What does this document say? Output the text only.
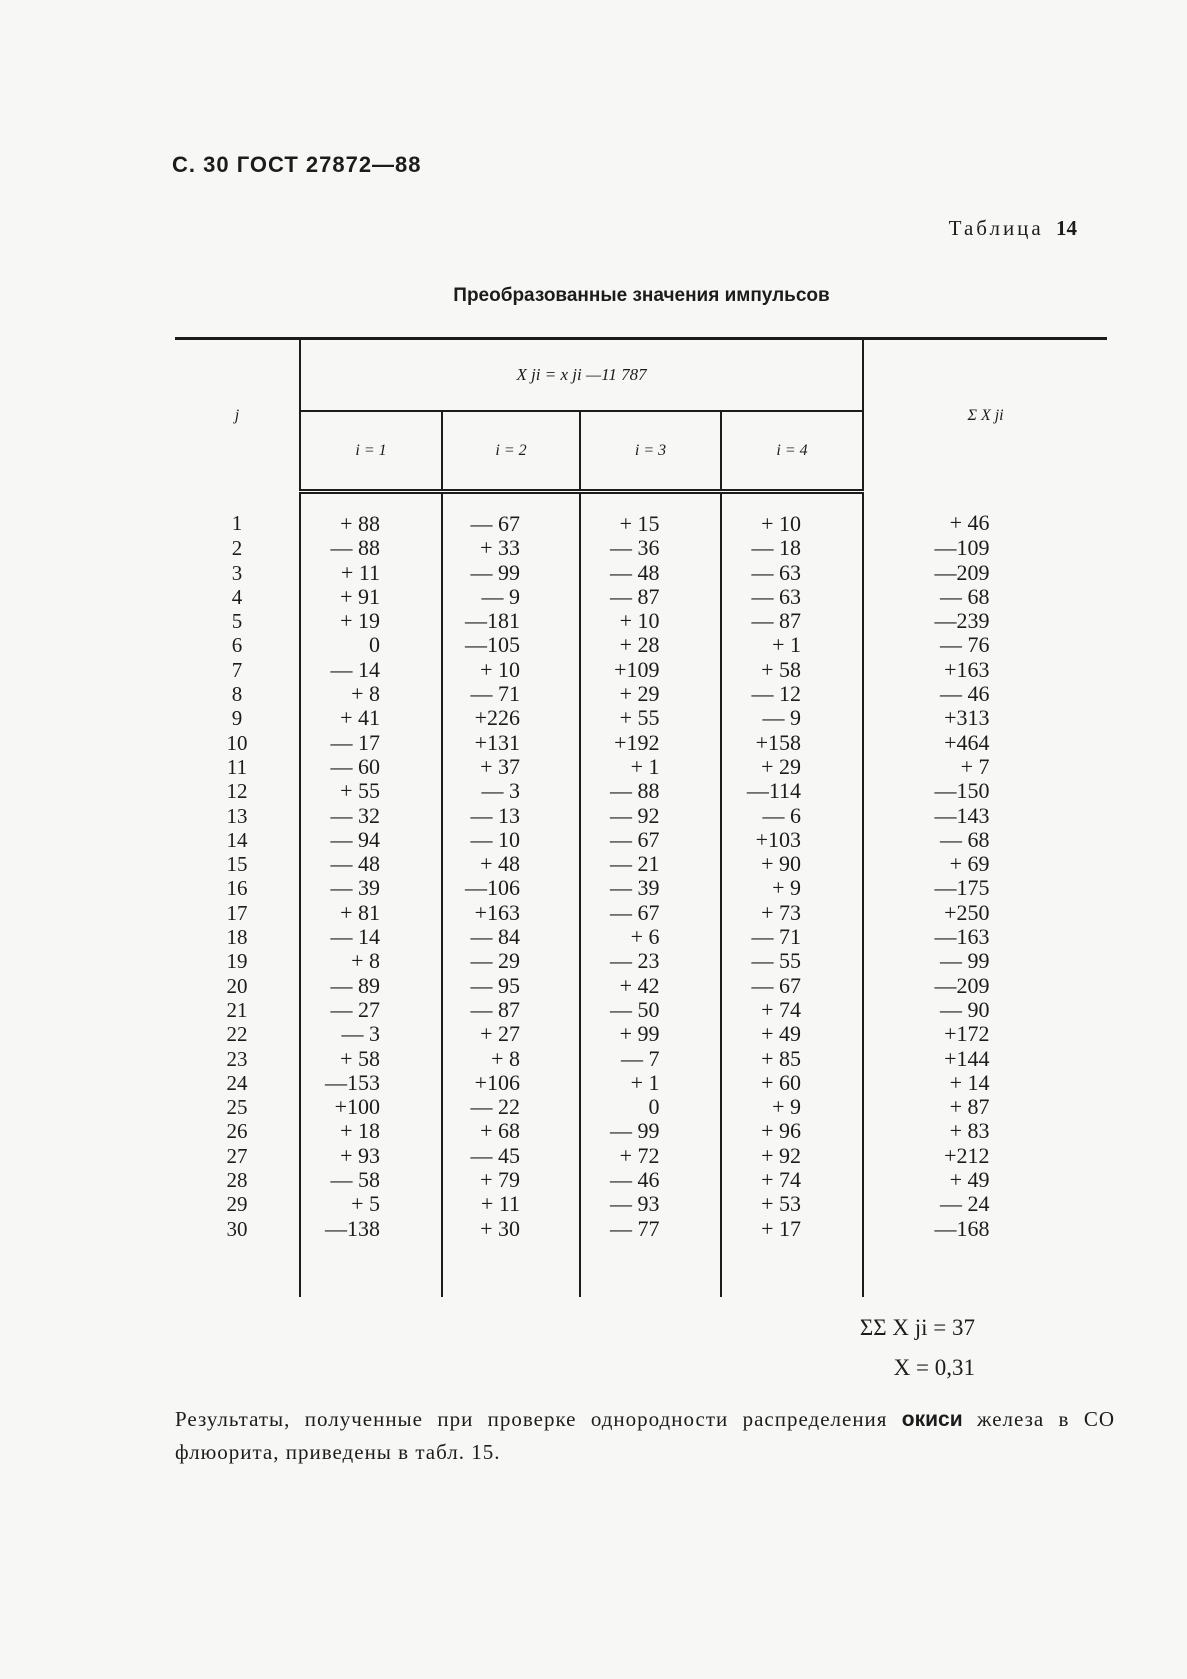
С. 30 ГОСТ 27872—88
Таблица 14
Преобразованные значения импульсов
j	X ji = x ji —11 787				Σ X ji
	i = 1	i = 2	i = 3	i = 4	
1	+ 88	— 67	+ 15	+ 10	+ 46
2	— 88	+ 33	— 36	— 18	—109
3	+ 11	— 99	— 48	— 63	—209
4	+ 91	— 9	— 87	— 63	— 68
5	+ 19	—181	+ 10	— 87	—239
6	0	—105	+ 28	+ 1	— 76
7	— 14	+ 10	+109	+ 58	+163
8	+ 8	— 71	+ 29	— 12	— 46
9	+ 41	+226	+ 55	— 9	+313
10	— 17	+131	+192	+158	+464
11	— 60	+ 37	+ 1	+ 29	+ 7
12	+ 55	— 3	— 88	—114	—150
13	— 32	— 13	— 92	— 6	—143
14	— 94	— 10	— 67	+103	— 68
15	— 48	+ 48	— 21	+ 90	+ 69
16	— 39	—106	— 39	+ 9	—175
17	+ 81	+163	— 67	+ 73	+250
18	— 14	— 84	+ 6	— 71	—163
19	+ 8	— 29	— 23	— 55	— 99
20	— 89	— 95	+ 42	— 67	—209
21	— 27	— 87	— 50	+ 74	— 90
22	— 3	+ 27	+ 99	+ 49	+172
23	+ 58	+ 8	— 7	+ 85	+144
24	—153	+106	+ 1	+ 60	+ 14
25	+100	— 22	0	+ 9	+ 87
26	+ 18	+ 68	— 99	+ 96	+ 83
27	+ 93	— 45	+ 72	+ 92	+212
28	— 58	+ 79	— 46	+ 74	+ 49
29	+ 5	+ 11	— 93	+ 53	— 24
30	—138	+ 30	— 77	+ 17	—168

ΣΣ X ji = 37
X = 0,31
Результаты, полученные при проверке однородности распределения окиси железа в СО флюорита, приведены в табл. 15.
